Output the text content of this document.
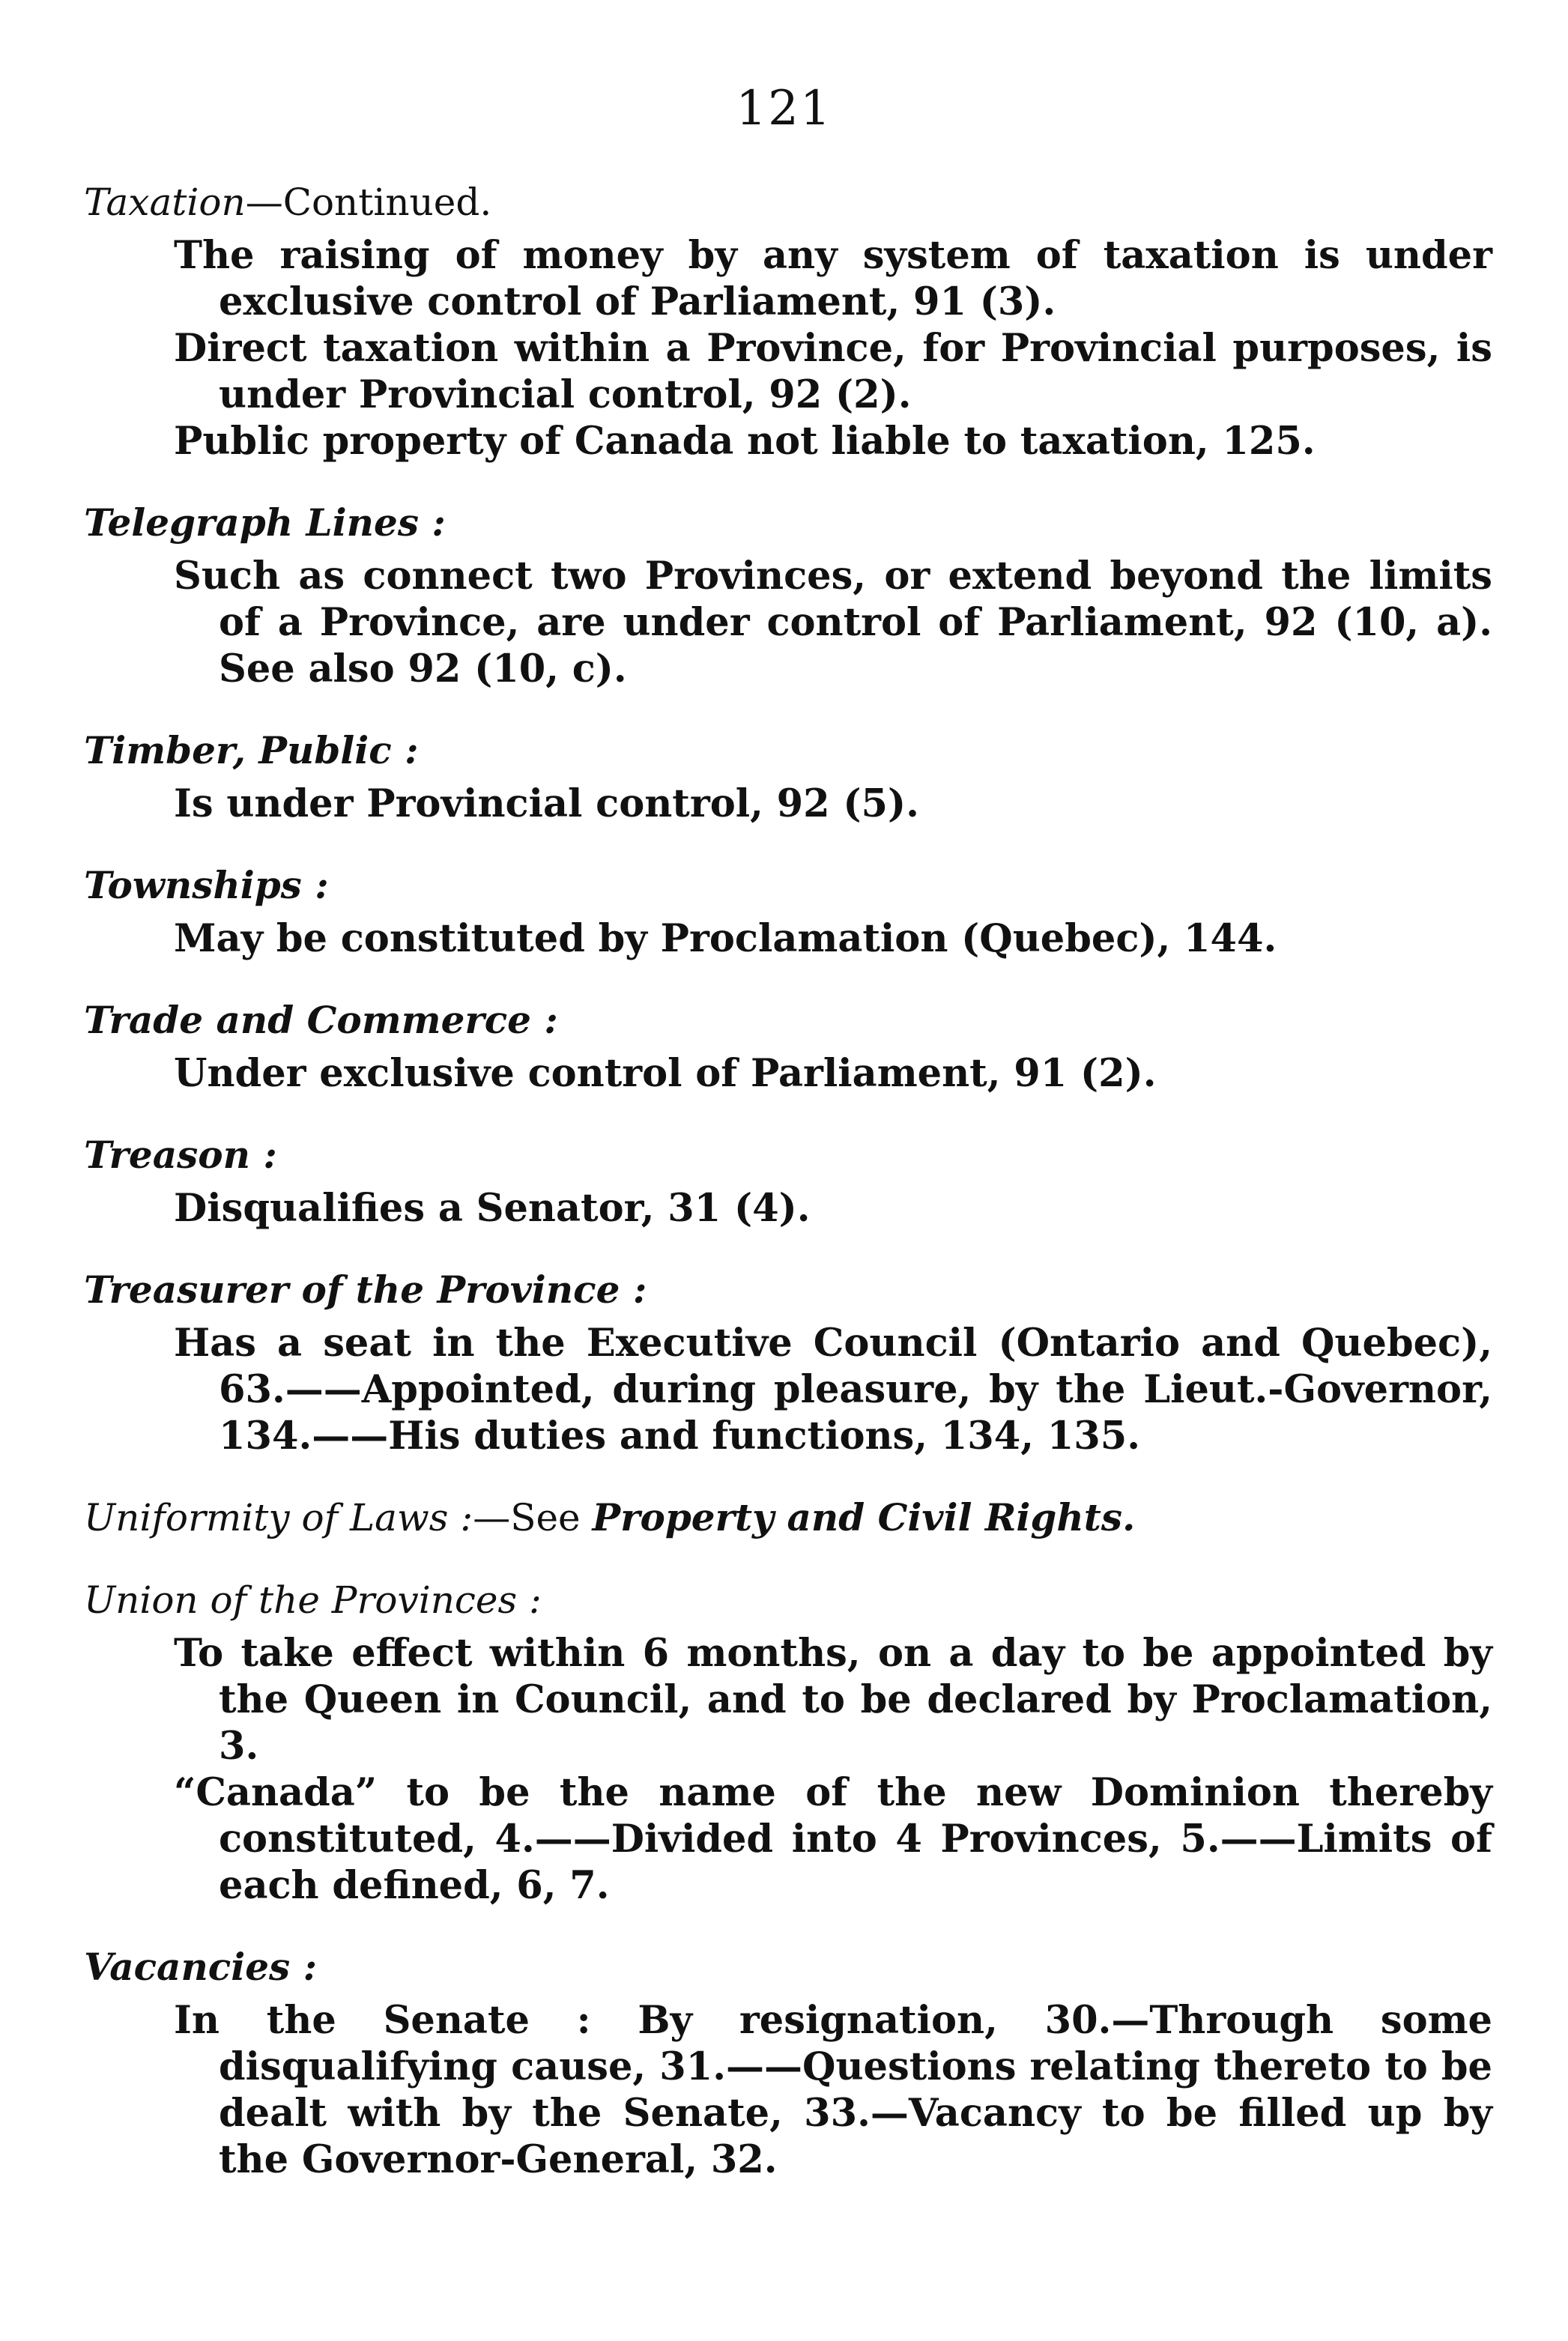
121
Taxation—Continued.
The raising of money by any system of taxation is under exclusive control of Parliament, 91 (3).
Direct taxation within a Province, for Provincial purposes, is under Provincial control, 92 (2).
Public property of Canada not liable to taxation, 125.
Telegraph Lines :
Such as connect two Provinces, or extend beyond the limits of a Province, are under control of Parliament, 92 (10, a). See also 92 (10, c).
Timber, Public :
Is under Provincial control, 92 (5).
Townships :
May be constituted by Proclamation (Quebec), 144.
Trade and Commerce :
Under exclusive control of Parliament, 91 (2).
Treason :
Disqualifies a Senator, 31 (4).
Treasurer of the Province :
Has a seat in the Executive Council (Ontario and Quebec), 63.——Appointed, during pleasure, by the Lieut.-Governor, 134.——His duties and functions, 134, 135.
Uniformity of Laws :—See Property and Civil Rights.
Union of the Provinces :
To take effect within 6 months, on a day to be appointed by the Queen in Council, and to be declared by Proclamation, 3.
“Canada” to be the name of the new Dominion thereby constituted, 4.——Divided into 4 Provinces, 5.——Limits of each defined, 6, 7.
Vacancies :
In the Senate : By resignation, 30.—Through some disqualifying cause, 31.——Questions relating thereto to be dealt with by the Senate, 33.—Vacancy to be filled up by the Governor-General, 32.
